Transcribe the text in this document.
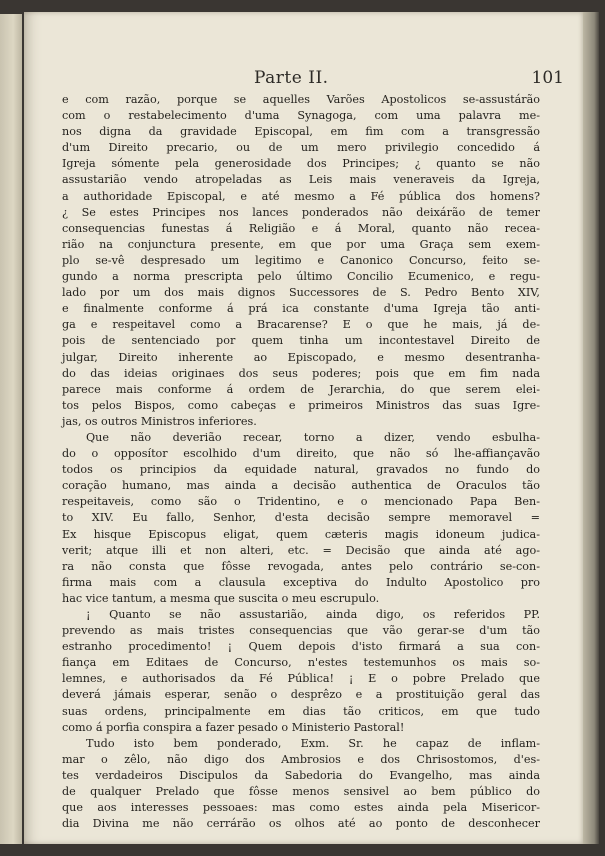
Parte II.	101
e com razão, porque se aquelles Varões Apostolicos se-assustárão
com o restabelecimento d'uma Synagoga, com uma palavra me-
nos digna da gravidade Episcopal, em fim com a transgressão
d'um Direito precario, ou de um mero privilegio concedido á
Igreja sómente pela generosidade dos Principes; ¿ quanto se não
assustarião vendo atropeladas as Leis mais veneraveis da Igreja,
a authoridade Episcopal, e até mesmo a Fé pública dos homens?
¿ Se estes Principes nos lances ponderados não deixárão de temer
consequencias funestas á Religião e á Moral, quanto não receа-
rião na conjunctura presente, em que por uma Graça sem exem-
plo se-vê despresado um legitimo e Canonico Concurso, feito se-
gundo a norma prescripta pelo último Concilio Ecumenico, e regu-
lado por um dos mais dignos Successores de S. Pedro Bento XIV,
e finalmente conforme á prá ica constante d'uma Igreja tão anti-
ga e respeitavel como a Bracarense? E o que he mais, já de-
pois de sentenciado por quem tinha um incontestavel Direito de
julgar, Direito inherente ao Episcopado, e mesmo desentranha-
do das ideias originaes dos seus poderes; pois que em fim nada
parece mais conforme á ordem de Jerarchia, do que serem elei-
tos pelos Bispos, como cabeças e primeiros Ministros das suas Igre-
jas, os outros Ministros inferiores.
Que não deverião recear, torno a dizer, vendo esbulha-
do o opposítor escolhido d'um direito, que não só lhe-affiançavão
todos os principios da equidade natural, gravados no fundo do
coração humano, mas ainda a decisão authentica de Oraculos tão
respeitaveis, como são o Tridentino, e o mencionado Papa Ben-
to XIV. Eu fallo, Senhor, d'esta decisão sempre memoravel =
Ex hisque Episcopus eligat, quem cæteris magis idoneum judica-
verit; atque illi et non alteri, etc. = Decisão que ainda até ago-
ra não consta que fôsse revogada, antes pelo contrário se-con-
firma mais com a clausula exceptiva do Indulto Apostolico pro
hac vice tantum, a mesma que suscita o meu escrupulo.
¡ Quanto se não assustarião, ainda digo, os referidos PP.
prevendo as mais tristes consequencias que vão gerar-se d'um tão
estranho procedimento! ¡ Quem depois d'isto firmará a sua con-
fiança em Editaes de Concurso, n'estes testemunhos os mais so-
lemnes, e authorisados da Fé Pública! ¡ E o pobre Prelado que
deverá jámais esperar, senão o desprêzo e a prostituição geral das
suas ordens, principalmente em dias tão criticos, em que tudo
como á porfia conspira a fazer pesado o Ministerio Pastoral!
Tudo isto bem ponderado, Exm. Sr. he capaz de inflam-
mar o zêlo, não digo dos Ambrosios e dos Chrisostomos, d'es-
tes verdadeiros Discipulos da Sabedoria do Evangelho, mas ainda
de qualquer Prelado que fôsse menos sensivel ao bem público do
que aos interesses pessoaes: mas como estes ainda pela Misericor-
dia Divina me não cerrárão os olhos até ao ponto de desconhecer
